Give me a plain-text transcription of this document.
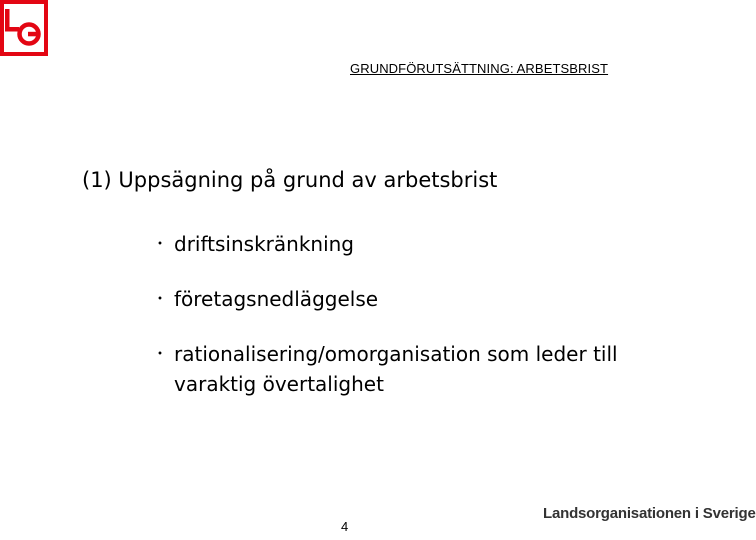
GRUNDFÖRUTSÄTTNING: ARBETSBRIST
(1) Uppsägning på grund av arbetsbrist
・ driftsinskränkning
・ företagsnedläggelse
・ rationalisering/omorganisation som leder till varaktig övertalighet
4
Landsorganisationen i Sverige
